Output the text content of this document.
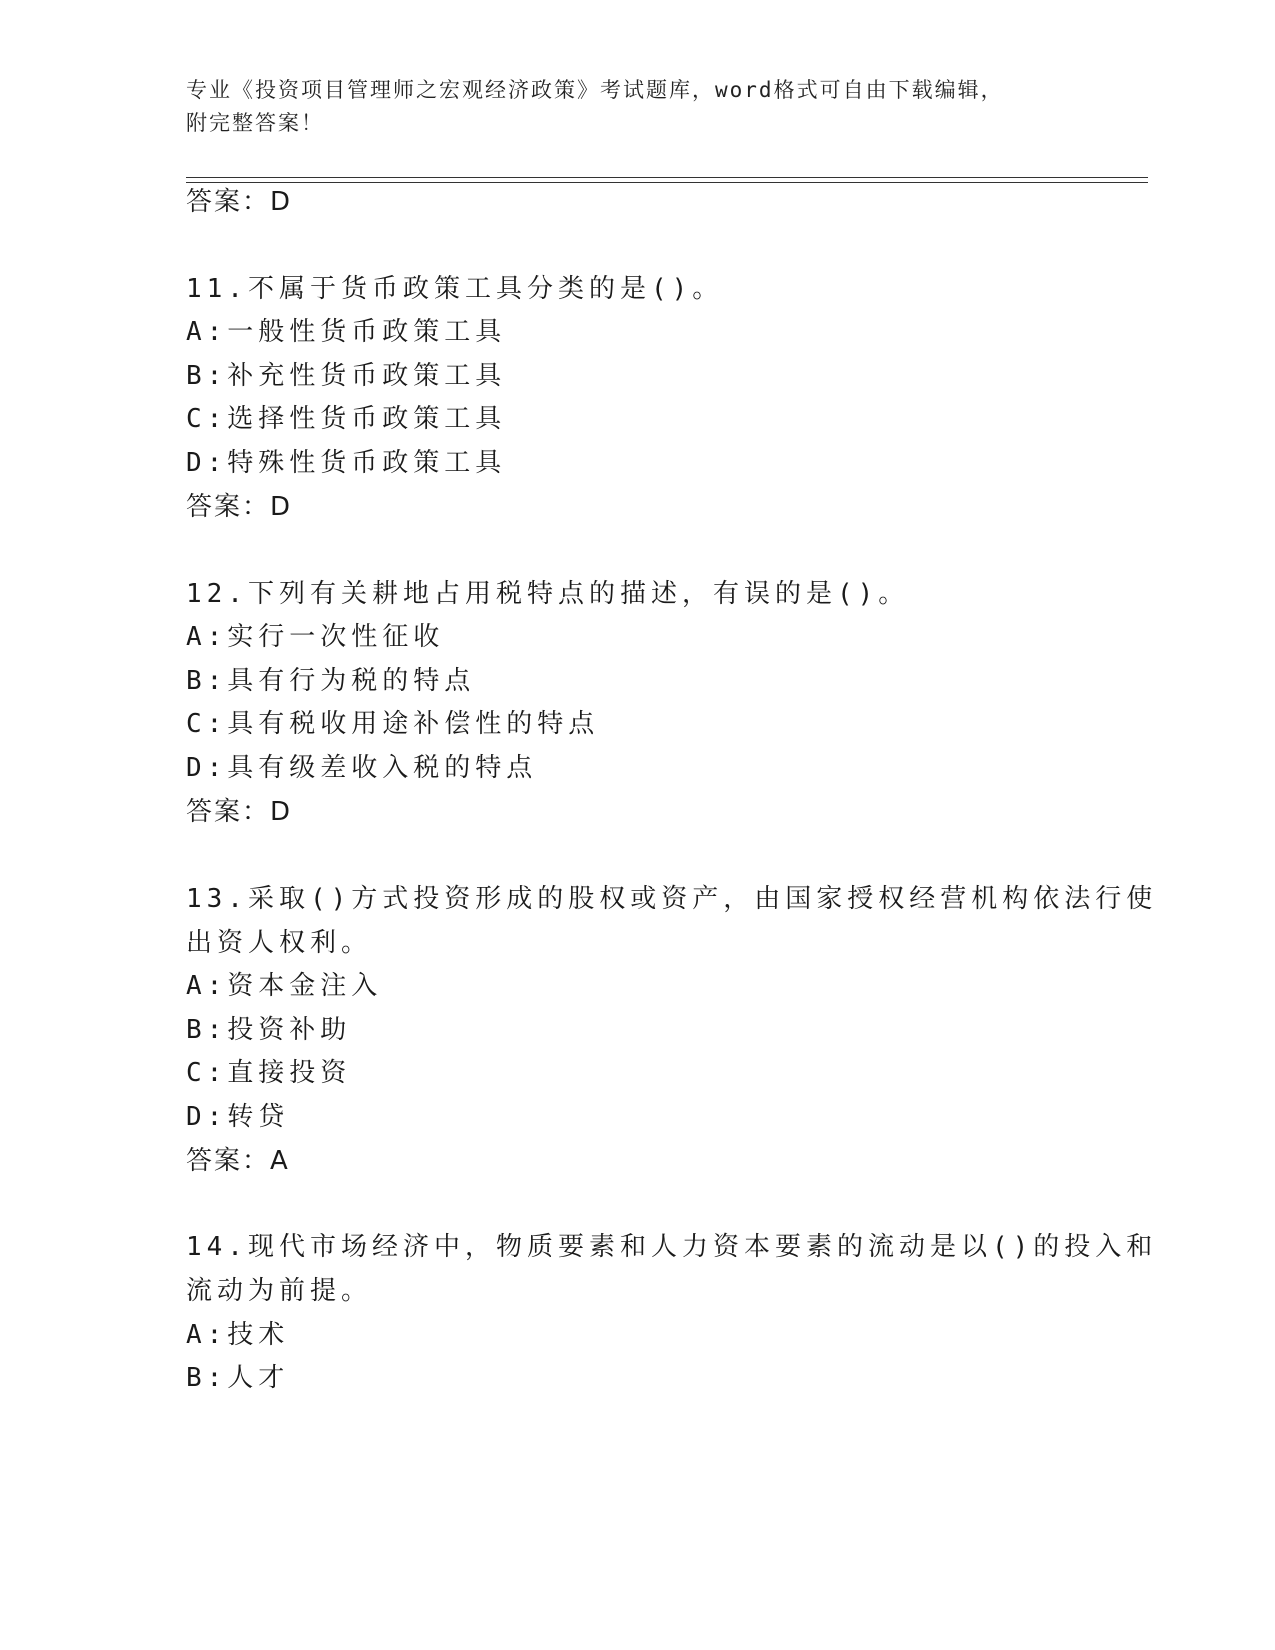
专业《投资项目管理师之宏观经济政策》考试题库，word格式可自由下载编辑，
附完整答案！
答案：D
11.不属于货币政策工具分类的是()。
A:一般性货币政策工具
B:补充性货币政策工具
C:选择性货币政策工具
D:特殊性货币政策工具
答案：D
12.下列有关耕地占用税特点的描述，有误的是()。
A:实行一次性征收
B:具有行为税的特点
C:具有税收用途补偿性的特点
D:具有级差收入税的特点
答案：D
13.采取()方式投资形成的股权或资产，由国家授权经营机构依法行使
出资人权利。
A:资本金注入
B:投资补助
C:直接投资
D:转贷
答案：A
14.现代市场经济中，物质要素和人力资本要素的流动是以()的投入和
流动为前提。
A:技术
B:人才
